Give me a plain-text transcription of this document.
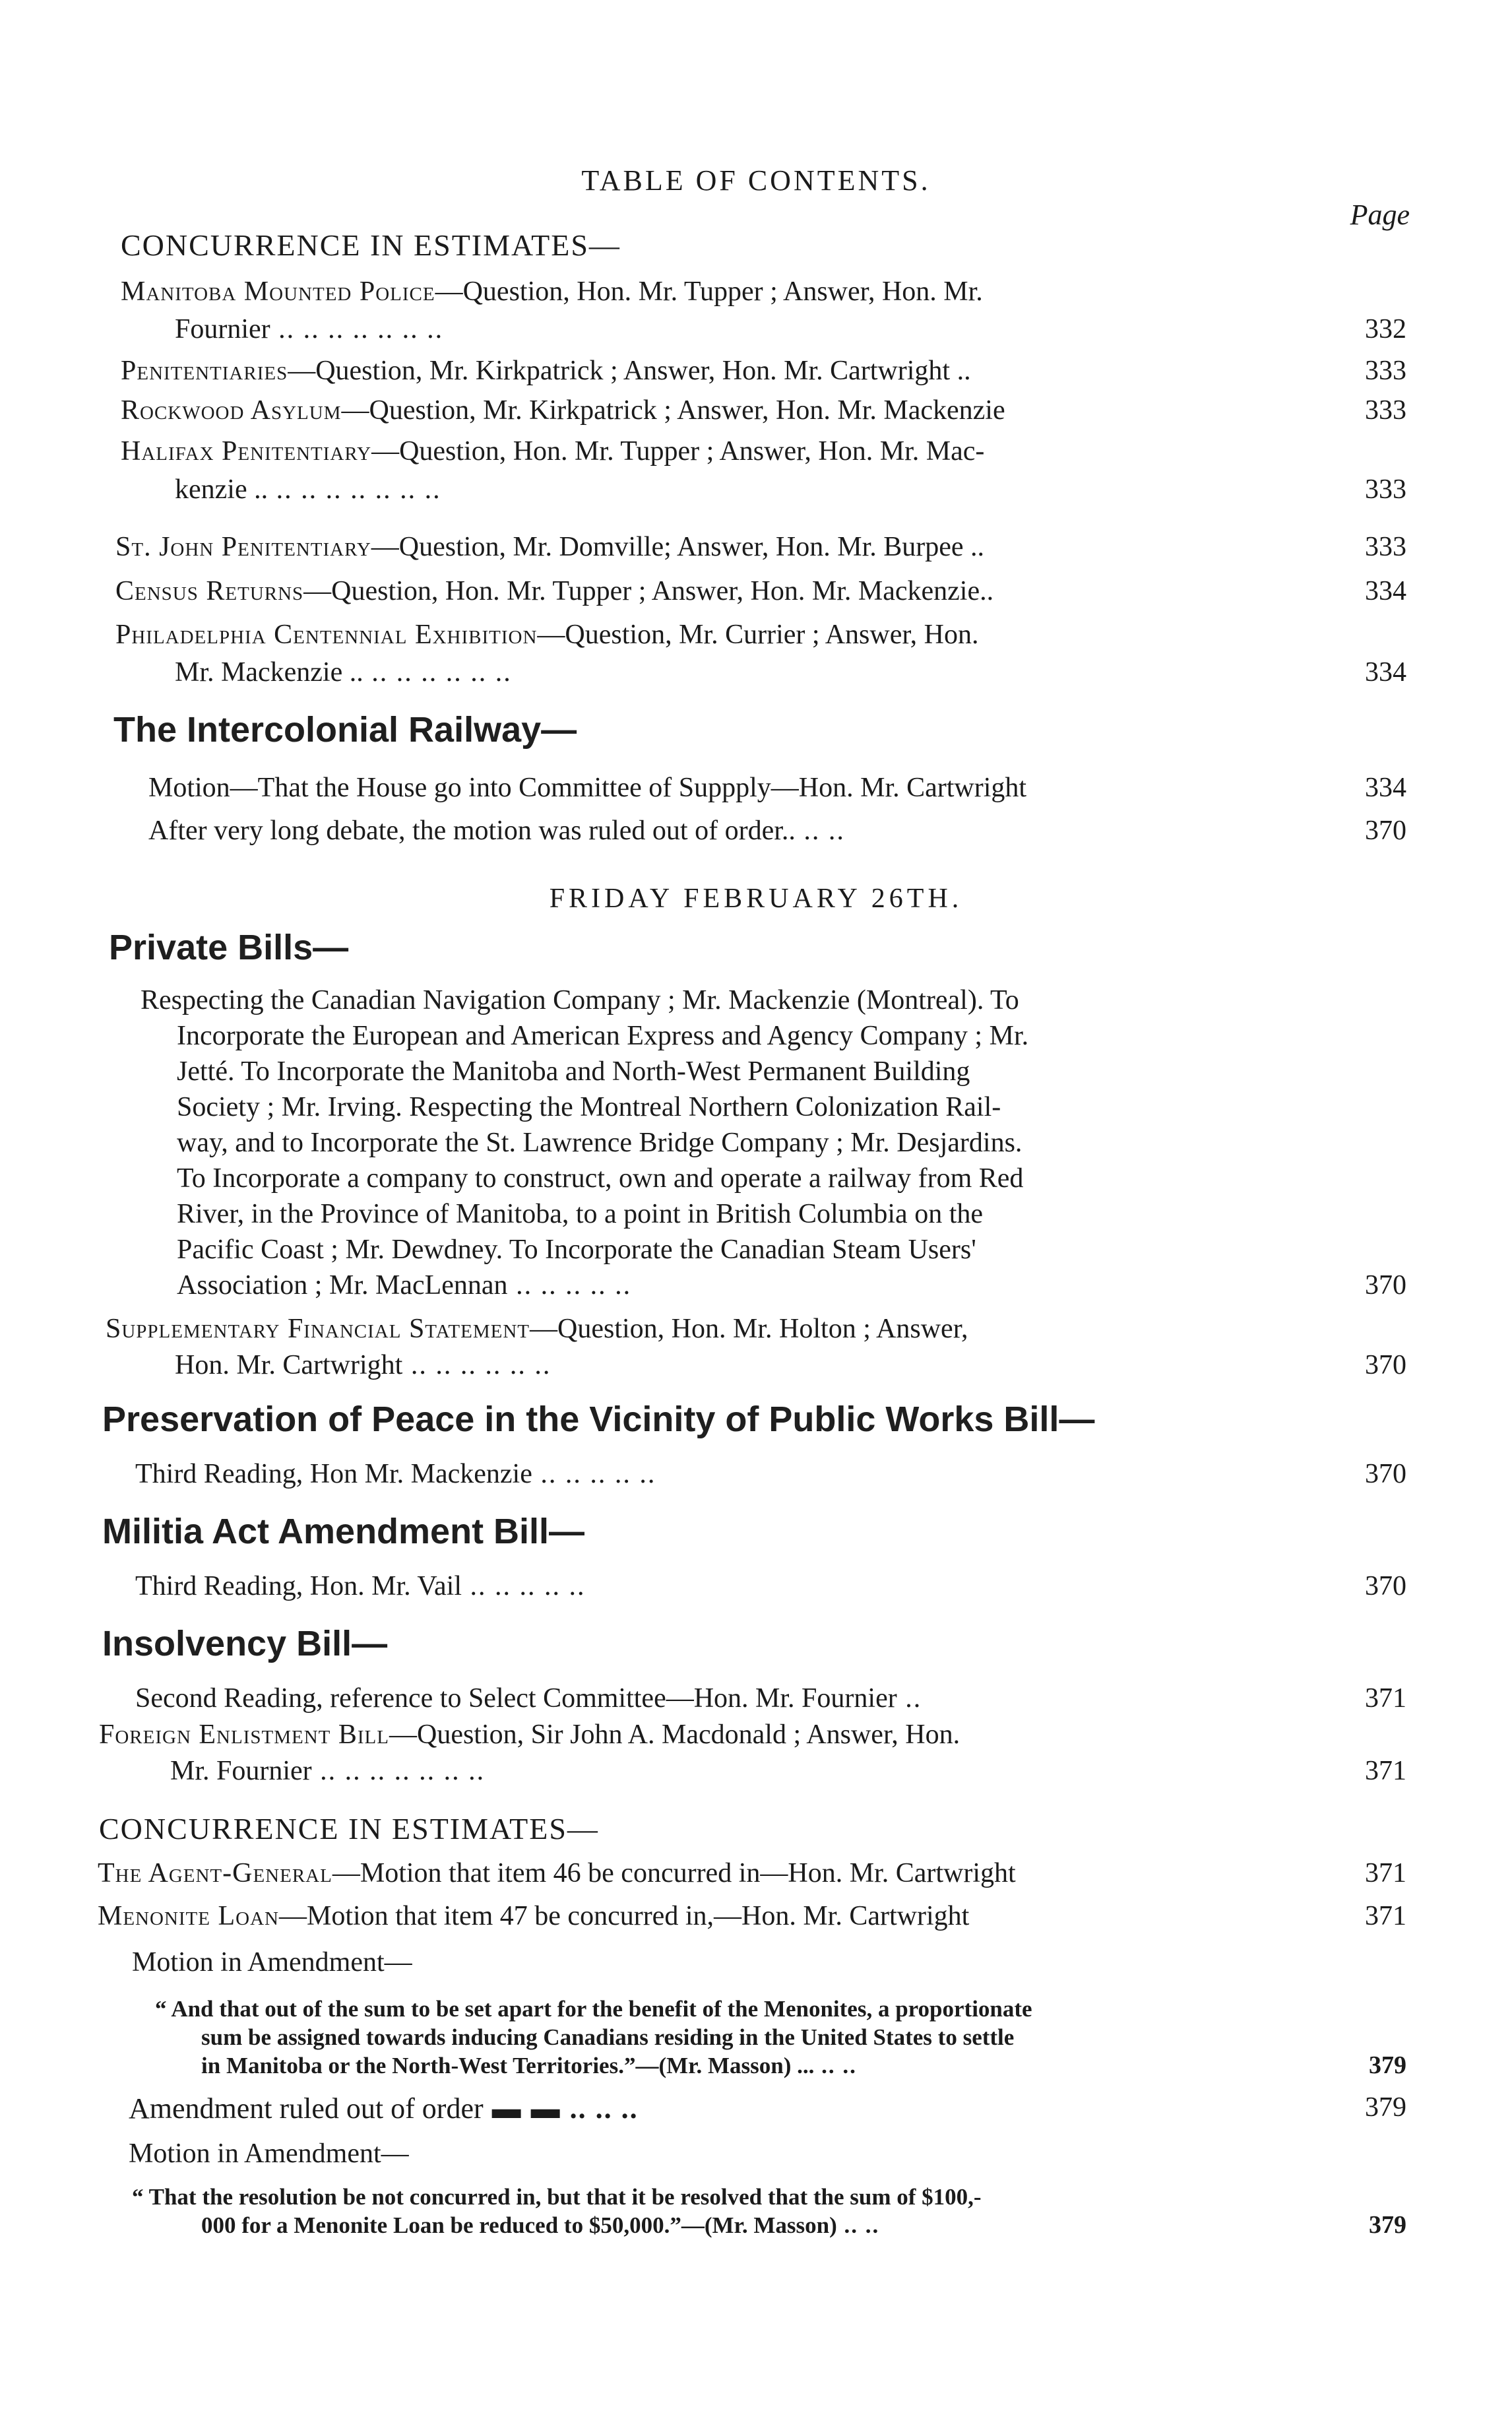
TABLE OF CONTENTS.
Page
CONCURRENCE IN ESTIMATES—
Manitoba Mounted Police—Question, Hon. Mr. Tupper ; Answer, Hon. Mr.
Fournier .. .. .. .. .. .. ..	332
Penitentiaries—Question, Mr. Kirkpatrick ; Answer, Hon. Mr. Cartwright ..	333
Rockwood Asylum—Question, Mr. Kirkpatrick ; Answer, Hon. Mr. Mackenzie	333
Halifax Penitentiary—Question, Hon. Mr. Tupper ; Answer, Hon. Mr. Mac-
kenzie .. .. .. .. .. .. .. ..	333
St. John Penitentiary—Question, Mr. Domville; Answer, Hon. Mr. Burpee ..	333
Census Returns—Question, Hon. Mr. Tupper ; Answer, Hon. Mr. Mackenzie..	334
Philadelphia Centennial Exhibition—Question, Mr. Currier ; Answer, Hon.
Mr. Mackenzie .. .. .. .. .. .. ..	334
The Intercolonial Railway—
Motion—That the House go into Committee of Suppply—Hon. Mr. Cartwright	334
After very long debate, the motion was ruled out of order.. .. ..	370
FRIDAY FEBRUARY 26TH.
Private Bills—
Respecting the Canadian Navigation Company ; Mr. Mackenzie (Montreal). To
Incorporate the European and American Express and Agency Company ; Mr.
Jetté. To Incorporate the Manitoba and North-West Permanent Building
Society ; Mr. Irving. Respecting the Montreal Northern Colonization Rail-
way, and to Incorporate the St. Lawrence Bridge Company ; Mr. Desjardins.
To Incorporate a company to construct, own and operate a railway from Red
River, in the Province of Manitoba, to a point in British Columbia on the
Pacific Coast ; Mr. Dewdney. To Incorporate the Canadian Steam Users'
Association ; Mr. MacLennan .. .. .. .. ..	370
Supplementary Financial Statement—Question, Hon. Mr. Holton ; Answer,
Hon. Mr. Cartwright .. .. .. .. .. ..	370
Preservation of Peace in the Vicinity of Public Works Bill—
Third Reading, Hon Mr. Mackenzie .. .. .. .. ..	370
Militia Act Amendment Bill—
Third Reading, Hon. Mr. Vail .. .. .. .. ..	370
Insolvency Bill—
Second Reading, reference to Select Committee—Hon. Mr. Fournier ..	371
Foreign Enlistment Bill—Question, Sir John A. Macdonald ; Answer, Hon.
Mr. Fournier .. .. .. .. .. .. ..	371
CONCURRENCE IN ESTIMATES—
The Agent-General—Motion that item 46 be concurred in—Hon. Mr. Cartwright	371
Menonite Loan—Motion that item 47 be concurred in,—Hon. Mr. Cartwright	371
Motion in Amendment—
“ And that out of the sum to be set apart for the benefit of the Menonites, a proportionate
sum be assigned towards inducing Canadians residing in the United States to settle
in Manitoba or the North-West Territories.”—(Mr. Masson) ... .. ..	379
Amendment ruled out of order ▬ ▬ .. .. ..	379
Motion in Amendment—
“ That the resolution be not concurred in, but that it be resolved that the sum of $100,-
000 for a Menonite Loan be reduced to $50,000.”—(Mr. Masson) .. ..	379
